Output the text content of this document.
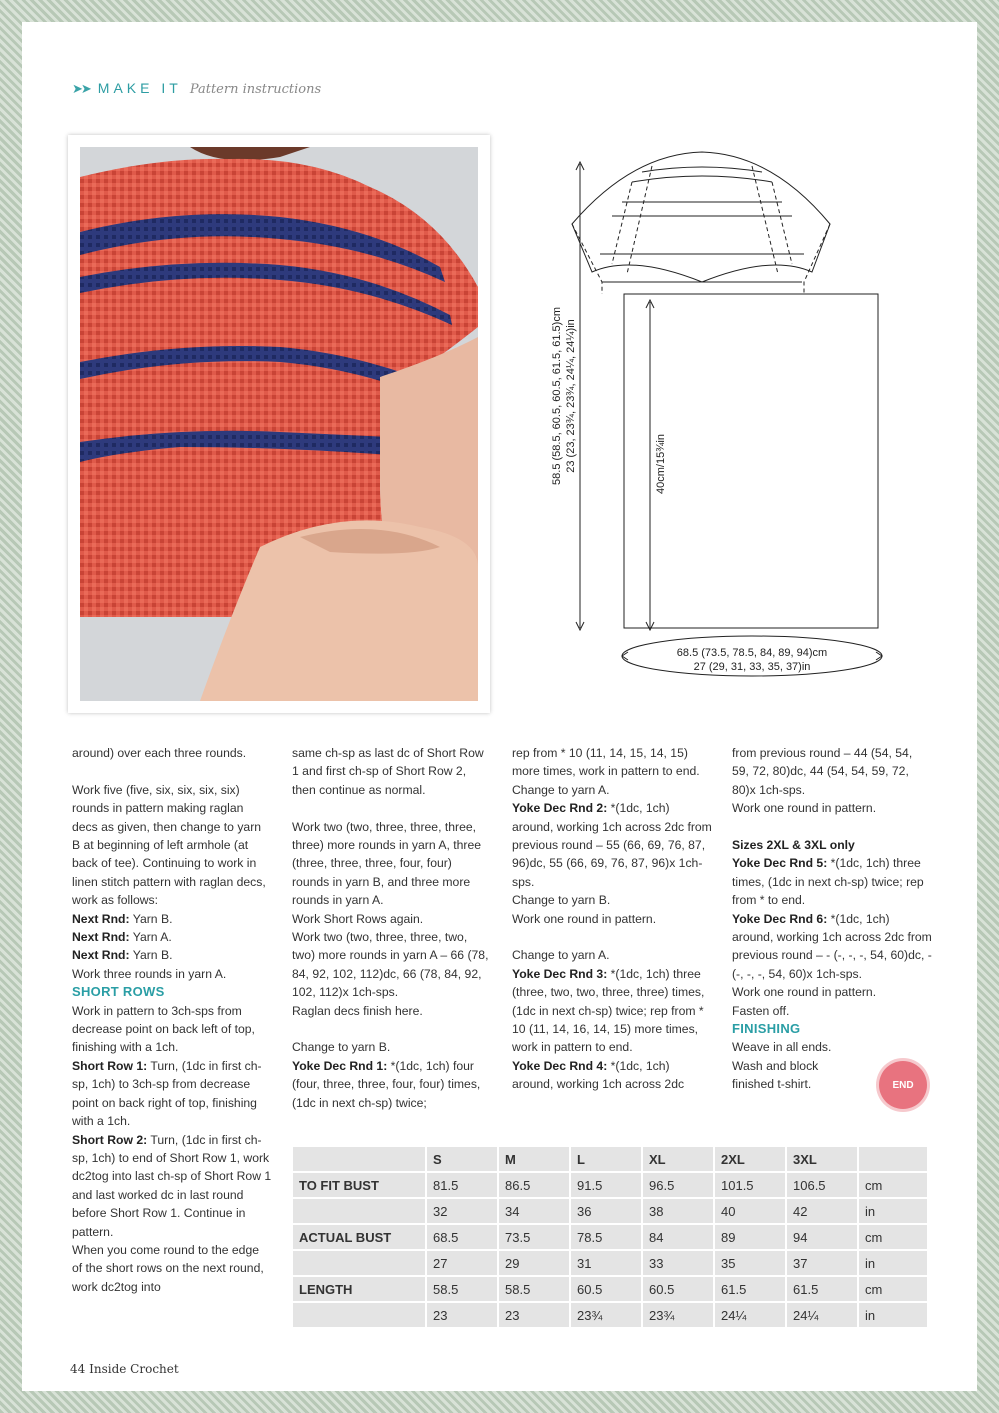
➤➤ MAKE IT Pattern instructions
58.5 (58.5, 60.5, 60.5, 61.5, 61.5)cm 23 (23, 23¾, 23¾, 24¼, 24¼)in	40cm/15¾in
68.5 (73.5, 78.5, 84, 89, 94)cm
27 (29, 31, 33, 35, 37)in

around) over each three rounds.

Work five (five, six, six, six, six) rounds in pattern making raglan decs as given, then change to yarn B at beginning of left armhole (at back of tee). Continuing to work in linen stitch pattern with raglan decs, work as follows:

Next Rnd: Yarn B.

Next Rnd: Yarn A.

Next Rnd: Yarn B.

Work three rounds in yarn A.

SHORT ROWS

Work in pattern to 3ch-sps from decrease point on back left of top, finishing with a 1ch.

Short Row 1: Turn, (1dc in first ch-sp, 1ch) to 3ch-sp from decrease point on back right of top, finishing with a 1ch.

Short Row 2: Turn, (1dc in first ch-sp, 1ch) to end of Short Row 1, work dc2tog into last ch-sp of Short Row 1 and last worked dc in last round before Short Row 1. Continue in pattern.

When you come round to the edge of the short rows on the next round, work dc2tog into

same ch-sp as last dc of Short Row 1 and first ch-sp of Short Row 2, then continue as normal.

Work two (two, three, three, three, three) more rounds in yarn A, three (three, three, three, four, four) rounds in yarn B, and three more rounds in yarn A.

Work Short Rows again.

Work two (two, three, three, two, two) more rounds in yarn A – 66 (78, 84, 92, 102, 112)dc, 66 (78, 84, 92, 102, 112)x 1ch-sps.

Raglan decs finish here.

Change to yarn B.

Yoke Dec Rnd 1: *(1dc, 1ch) four (four, three, three, four, four) times, (1dc in next ch-sp) twice;

rep from * 10 (11, 14, 15, 14, 15) more times, work in pattern to end. Change to yarn A.

Yoke Dec Rnd 2: *(1dc, 1ch) around, working 1ch across 2dc from previous round – 55 (66, 69, 76, 87, 96)dc, 55 (66, 69, 76, 87, 96)x 1ch-sps.

Change to yarn B.

Work one round in pattern.

Change to yarn A.

Yoke Dec Rnd 3: *(1dc, 1ch) three (three, two, two, three, three) times, (1dc in next ch-sp) twice; rep from * 10 (11, 14, 16, 14, 15) more times, work in pattern to end.

Yoke Dec Rnd 4: *(1dc, 1ch) around, working 1ch across 2dc

from previous round – 44 (54, 54, 59, 72, 80)dc, 44 (54, 54, 59, 72, 80)x 1ch-sps.

Work one round in pattern.

Sizes 2XL & 3XL only

Yoke Dec Rnd 5: *(1dc, 1ch) three times, (1dc in next ch-sp) twice; rep from * to end.

Yoke Dec Rnd 6: *(1dc, 1ch) around, working 1ch across 2dc from previous round – - (-, -, -, 54, 60)dc, - (-, -, -, 54, 60)x 1ch-sps.

Work one round in pattern.

Fasten off.

FINISHING

Weave in all ends.

Wash and block finished t-shirt.	END
	S	M	L	XL	2XL	3XL	
TO FIT BUST	81.5	86.5	91.5	96.5	101.5	106.5	cm
	32	34	36	38	40	42	in
ACTUAL BUST	68.5	73.5	78.5	84	89	94	cm
	27	29	31	33	35	37	in
LENGTH	58.5	58.5	60.5	60.5	61.5	61.5	cm
	23	23	23¾	23¾	24¼	24¼	in
44 Inside Crochet
